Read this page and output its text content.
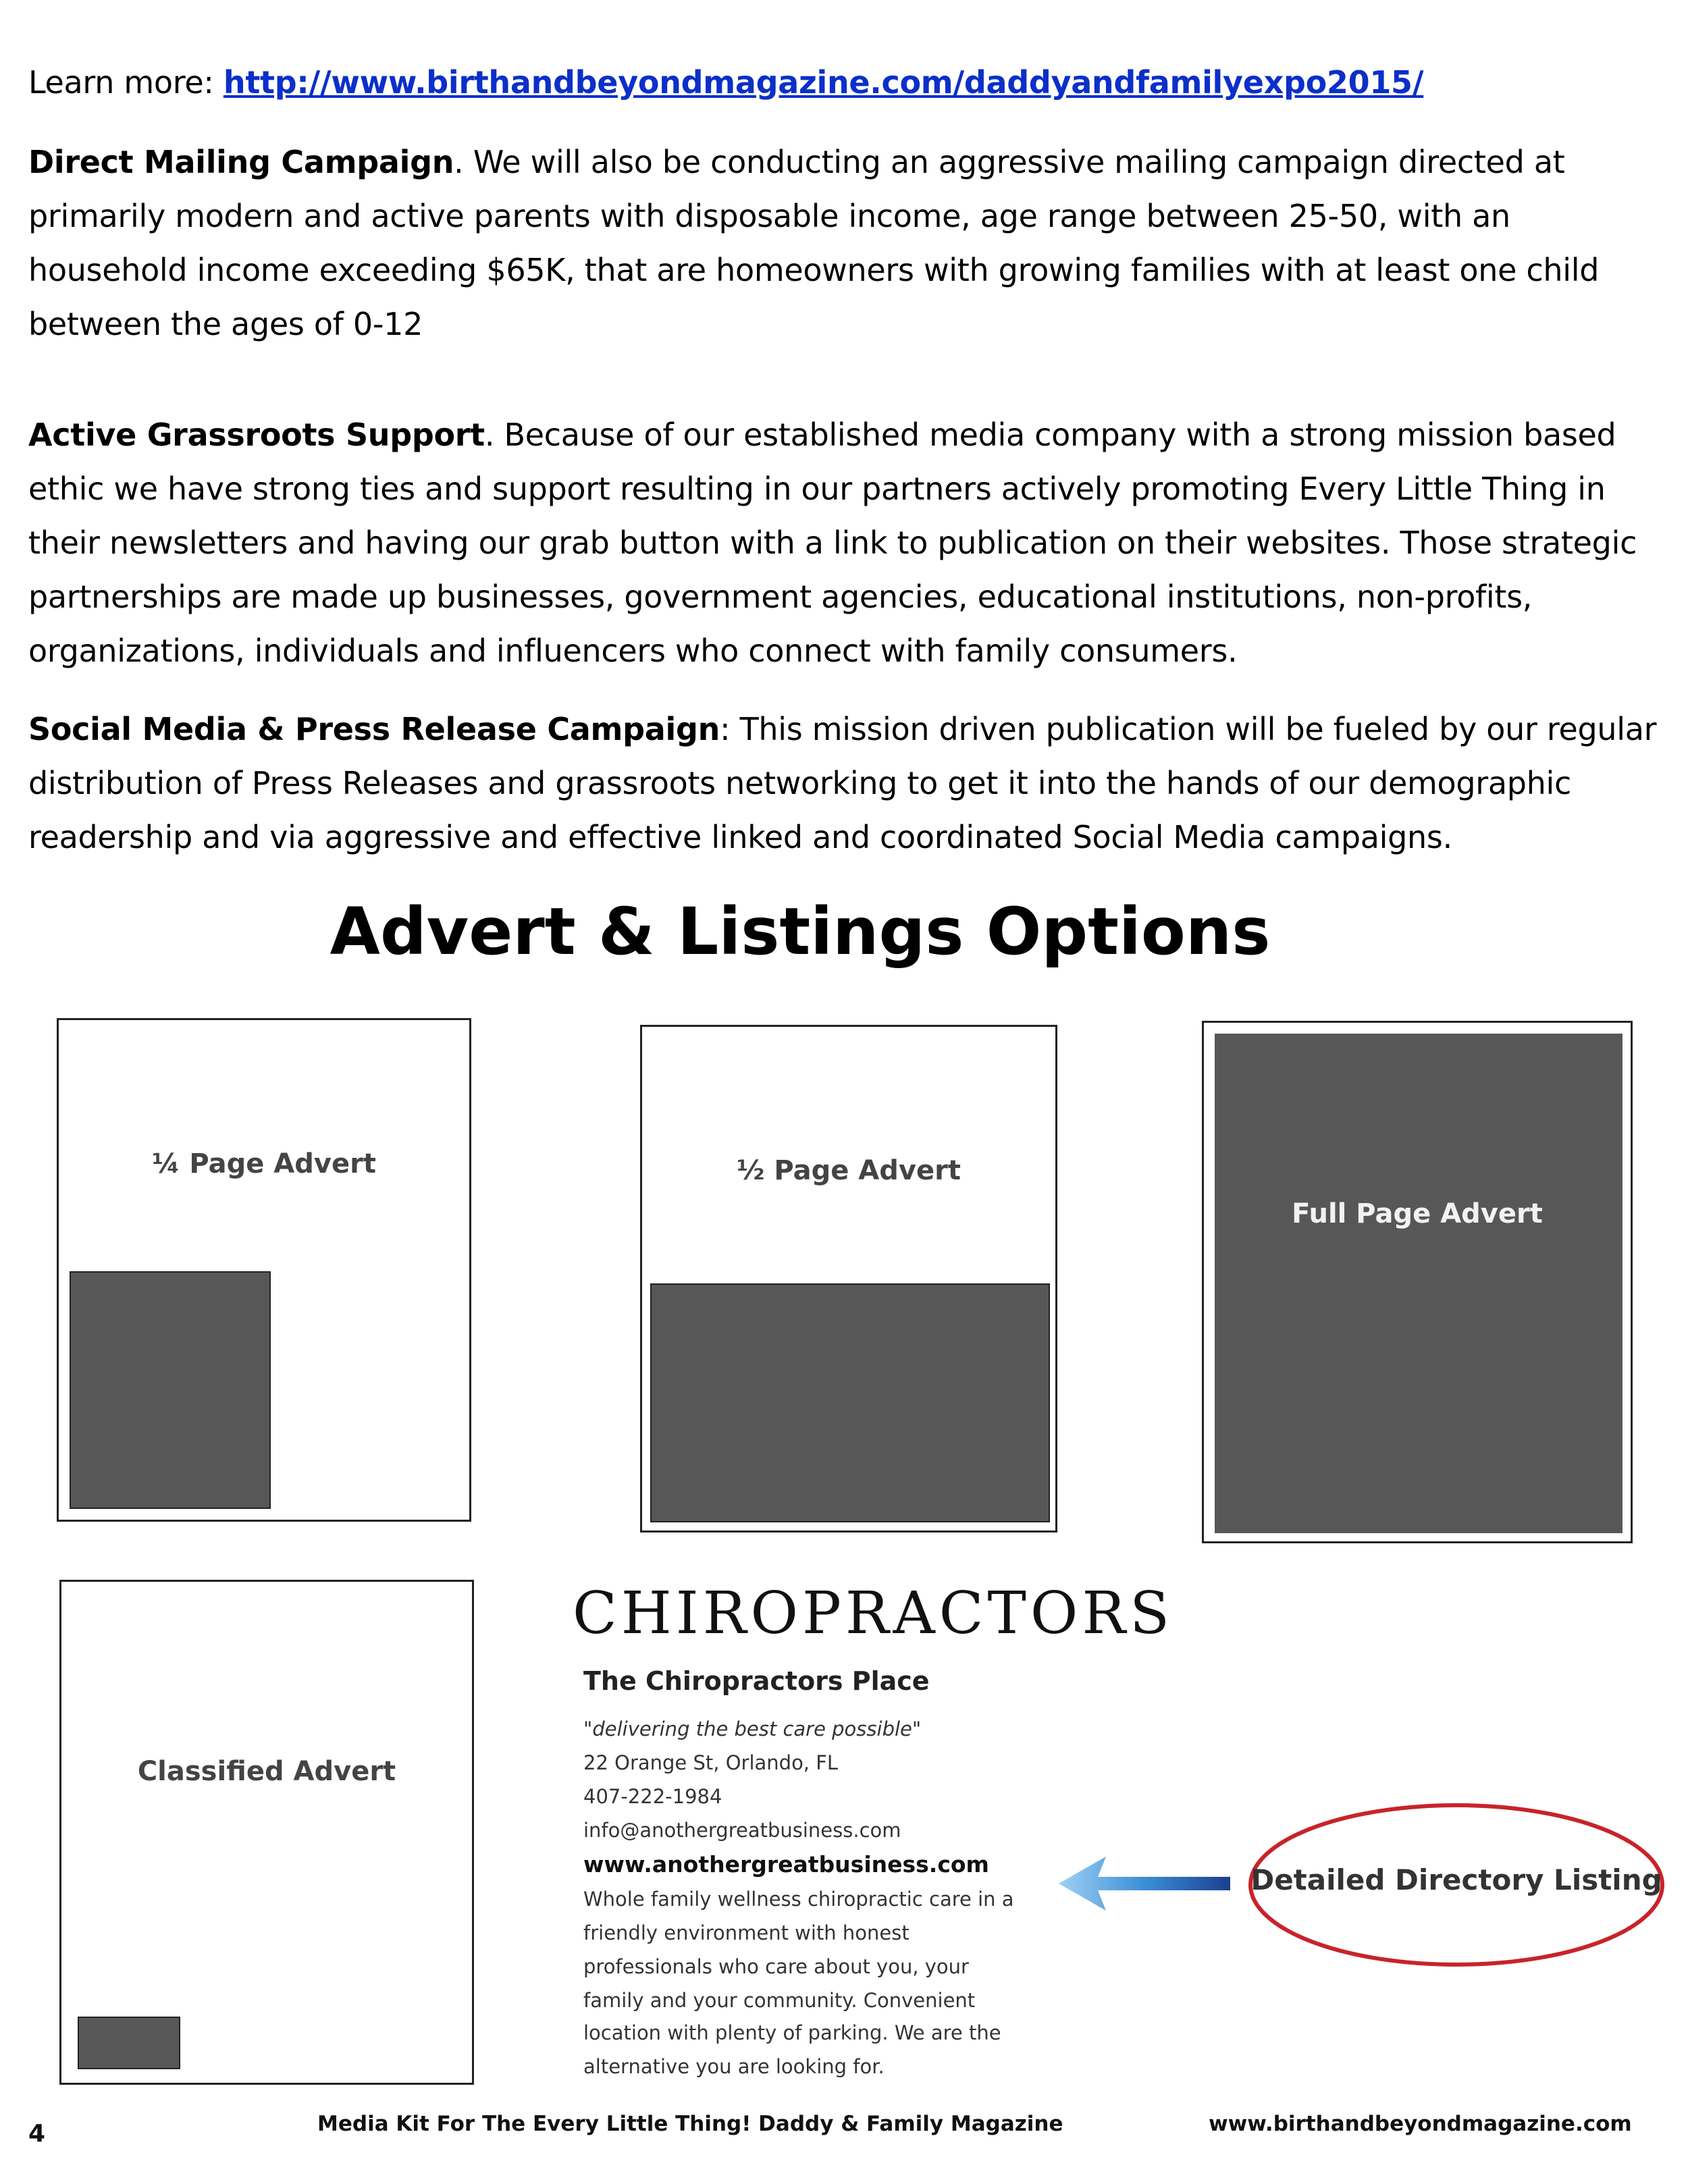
Learn more: http://www.birthandbeyondmagazine.com/daddyandfamilyexpo2015/

Direct Mailing Campaign. We will also be conducting an aggressive mailing campaign directed at primarily modern and active parents with disposable income, age range between 25-50, with an household income exceeding $65K, that are homeowners with growing families with at least one child between the ages of 0-12

Active Grassroots Support. Because of our established media company with a strong mission based ethic we have strong ties and support resulting in our partners actively promoting Every Little Thing in their newsletters and having our grab button with a link to publication on their websites. Those strategic partnerships are made up businesses, government agencies, educational institutions, non-profits, organizations, individuals and influencers who connect with family consumers.

Social Media & Press Release Campaign: This mission driven publication will be fueled by our regular distribution of Press Releases and grassroots networking to get it into the hands of our demographic readership and via aggressive and effective linked and coordinated Social Media campaigns.

Advert & Listings Options
¼ Page Advert	½ Page Advert
Full Page Advert
Classified Advert
CHIROPRACTORS
The Chiropractors Place
"delivering the best care possible"
22 Orange St, Orlando, FL
407-222-1984
info@anothergreatbusiness.com
www.anothergreatbusiness.com
Whole family wellness chiropractic care in a
friendly environment with honest
professionals who care about you, your
family and your community. Convenient
location with plenty of parking. We are the
alternative you are looking for.
Detailed Directory Listing
4	Media Kit For The Every Little Thing! Daddy & Family Magazine	www.birthandbeyondmagazine.com
